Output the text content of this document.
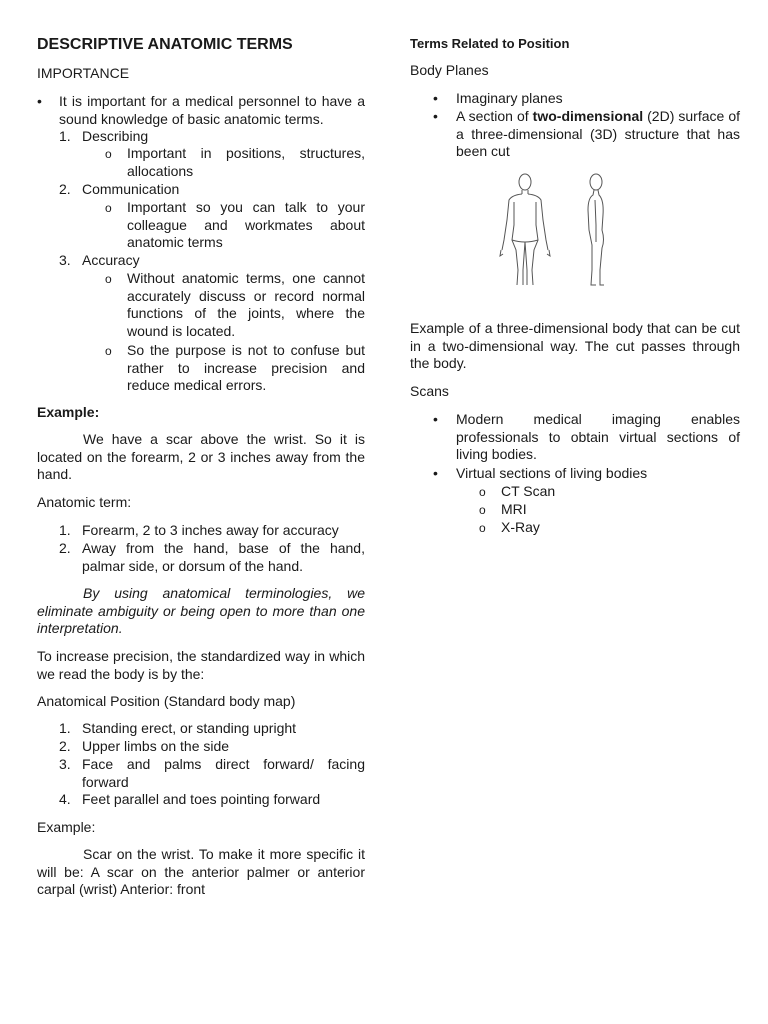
DESCRIPTIVE ANATOMIC TERMS
IMPORTANCE
• It is important for a medical personnel to have a sound knowledge of basic anatomic terms.
1. Describing
o Important in positions, structures, allocations
2. Communication
o Important so you can talk to your colleague and workmates about anatomic terms
3. Accuracy
o Without anatomic terms, one cannot accurately discuss or record normal functions of the joints, where the wound is located.
o So the purpose is not to confuse but rather to increase precision and reduce medical errors.
Example:
We have a scar above the wrist. So it is located on the forearm, 2 or 3 inches away from the hand.
Anatomic term:
1. Forearm, 2 to 3 inches away for accuracy
2. Away from the hand, base of the hand, palmar side, or dorsum of the hand.
By using anatomical terminologies, we eliminate ambiguity or being open to more than one interpretation.
To increase precision, the standardized way in which we read the body is by the:
Anatomical Position (Standard body map)
1. Standing erect, or standing upright
2. Upper limbs on the side
3. Face and palms direct forward/ facing forward
4. Feet parallel and toes pointing forward
Example:
Scar on the wrist. To make it more specific it will be: A scar on the anterior palmer or anterior carpal (wrist) Anterior: front
Terms Related to Position
Body Planes
• Imaginary planes
• A section of two-dimensional (2D) surface of a three-dimensional (3D) structure that has been cut
Example of a three-dimensional body that can be cut in a two-dimensional way. The cut passes through the body.
Scans
• Modern medical imaging enables professionals to obtain virtual sections of living bodies.
• Virtual sections of living bodies
o CT Scan
o MRI
o X-Ray
